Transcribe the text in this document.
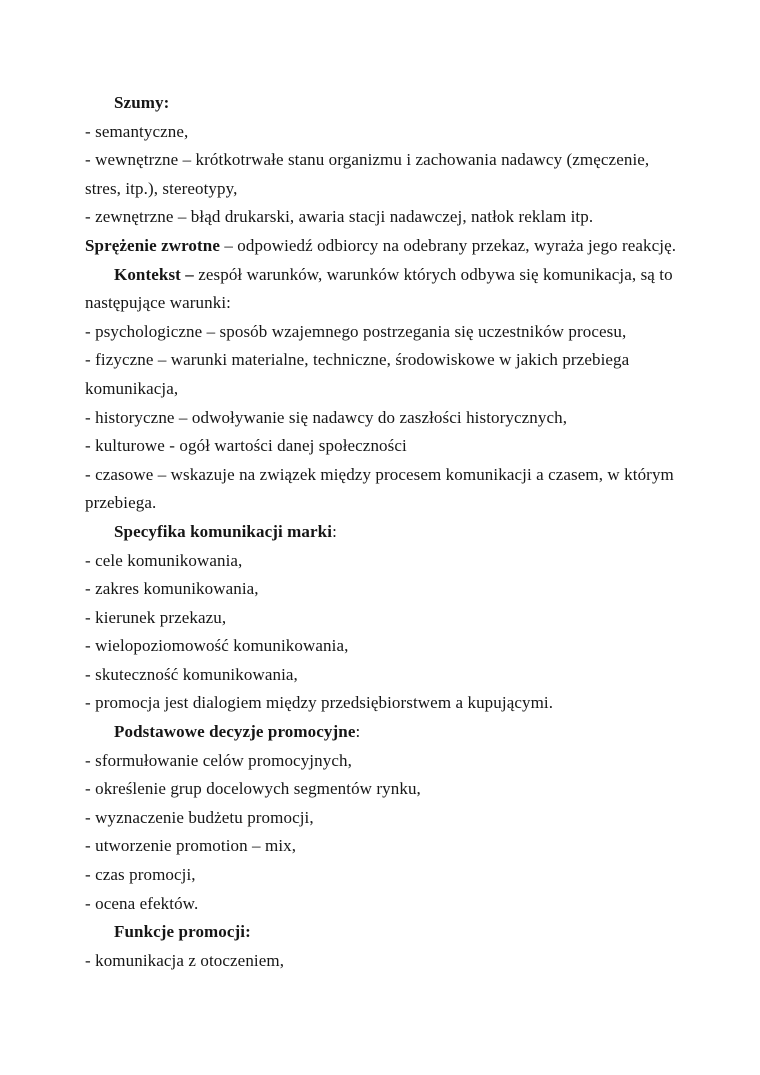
Szumy:
- semantyczne,
- wewnętrzne – krótkotrwałe stanu organizmu i zachowania nadawcy (zmęczenie,
stres, itp.), stereotypy,
- zewnętrzne – błąd drukarski, awaria stacji nadawczej, natłok reklam itp.
Sprężenie zwrotne – odpowiedź odbiorcy na odebrany przekaz, wyraża jego reakcję.
Kontekst – zespół warunków, warunków których odbywa się komunikacja, są to
następujące warunki:
- psychologiczne – sposób wzajemnego postrzegania się uczestników procesu,
- fizyczne – warunki materialne, techniczne, środowiskowe w jakich przebiega
komunikacja,
- historyczne – odwoływanie się nadawcy do zaszłości historycznych,
- kulturowe - ogół wartości danej społeczności
- czasowe – wskazuje na związek między procesem komunikacji a czasem, w którym
przebiega.
Specyfika komunikacji marki:
- cele komunikowania,
- zakres komunikowania,
- kierunek przekazu,
- wielopoziomowość komunikowania,
- skuteczność komunikowania,
- promocja jest dialogiem między przedsiębiorstwem a kupującymi.
Podstawowe decyzje promocyjne:
- sformułowanie celów promocyjnych,
- określenie grup docelowych segmentów rynku,
- wyznaczenie budżetu promocji,
- utworzenie promotion – mix,
- czas promocji,
- ocena efektów.
Funkcje promocji:
- komunikacja z otoczeniem,
